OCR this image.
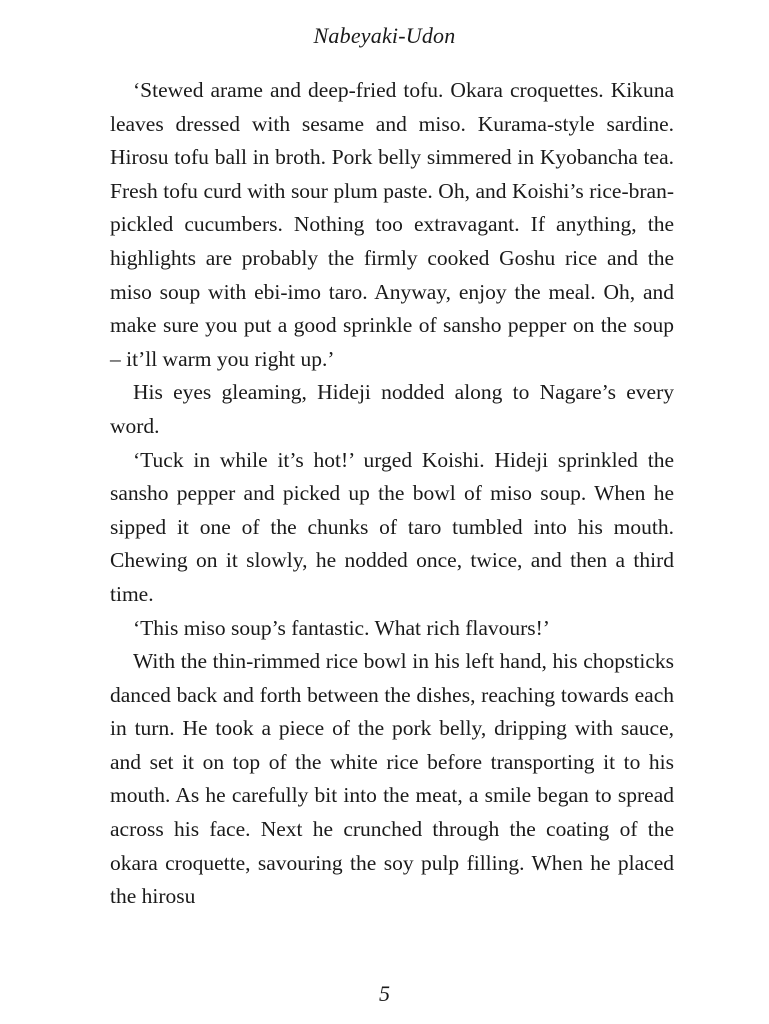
Nabeyaki-Udon

‘Stewed arame and deep-fried tofu. Okara croquettes. Kikuna leaves dressed with sesame and miso. Kurama-style sardine. Hirosu tofu ball in broth. Pork belly simmered in Kyobancha tea. Fresh tofu curd with sour plum paste. Oh, and Koishi’s rice-bran-pickled cucumbers. Nothing too extravagant. If anything, the highlights are probably the firmly cooked Goshu rice and the miso soup with ebi-imo taro. Anyway, enjoy the meal. Oh, and make sure you put a good sprinkle of sansho pepper on the soup – it’ll warm you right up.’

His eyes gleaming, Hideji nodded along to Nagare’s every word.

‘Tuck in while it’s hot!’ urged Koishi. Hideji sprinkled the sansho pepper and picked up the bowl of miso soup. When he sipped it one of the chunks of taro tumbled into his mouth. Chewing on it slowly, he nodded once, twice, and then a third time.

‘This miso soup’s fantastic. What rich flavours!’

With the thin-rimmed rice bowl in his left hand, his chopsticks danced back and forth between the dishes, reaching towards each in turn. He took a piece of the pork belly, dripping with sauce, and set it on top of the white rice before transporting it to his mouth. As he carefully bit into the meat, a smile began to spread across his face. Next he crunched through the coating of the okara croquette, savouring the soy pulp filling. When he placed the hirosu

5
